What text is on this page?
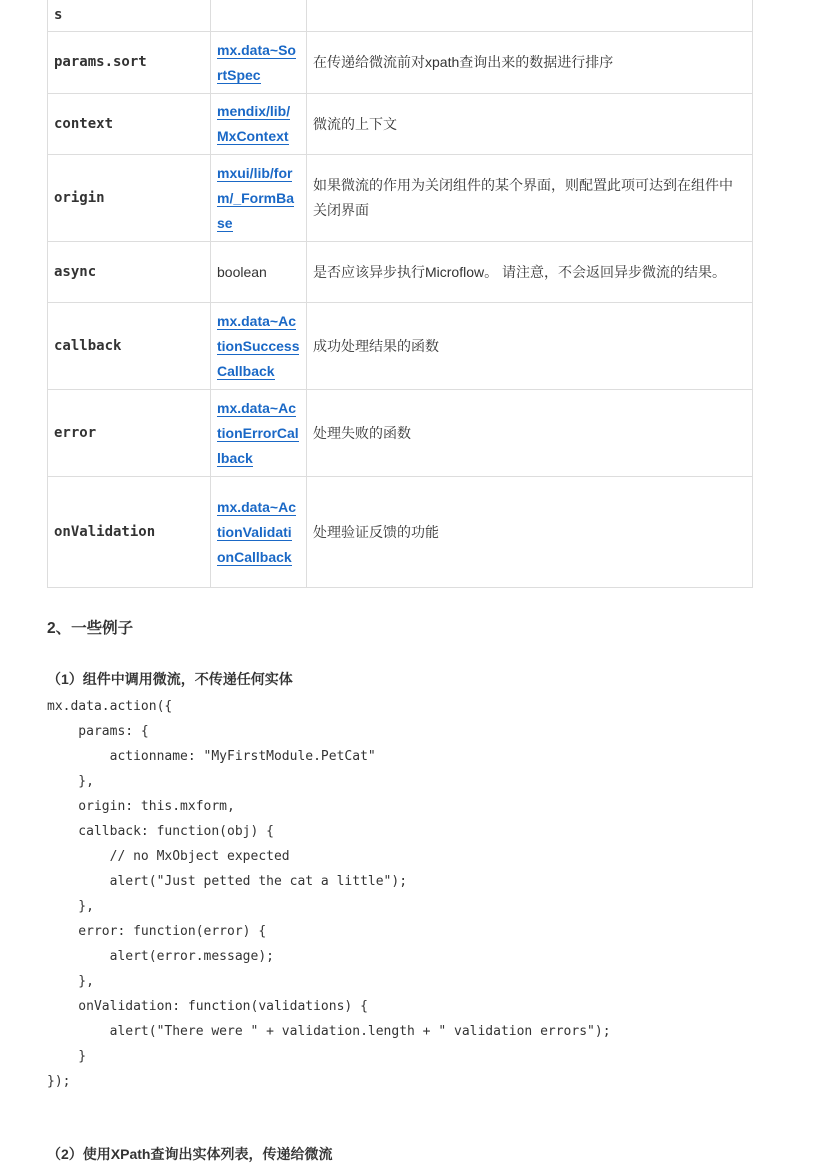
s		
params.sort	mx.data~SortSpec	在传递给微流前对xpath查询出来的数据进行排序
context	mendix/lib/MxContext	微流的上下文
origin	mxui/lib/form/_FormBase	如果微流的作用为关闭组件的某个界面，则配置此项可达到在组件中关闭界面
async	boolean	是否应该异步执行Microflow。 请注意，不会返回异步微流的结果。
callback	mx.data~ActionSuccessCallback	成功处理结果的函数
error	mx.data~ActionErrorCallback	处理失败的函数
onValidation	mx.data~ActionValidationCallback	处理验证反馈的功能
2、一些例子

（1）组件中调用微流，不传递任何实体

mx.data.action({
params: {
actionname: "MyFirstModule.PetCat"
},
origin: this.mxform,
callback: function(obj) {
// no MxObject expected
alert("Just petted the cat a little");
},
error: function(error) {
alert(error.message);
},
onValidation: function(validations) {
alert("There were " + validation.length + " validation errors");
}
});

（2）使用XPath查询出实体列表，传递给微流
